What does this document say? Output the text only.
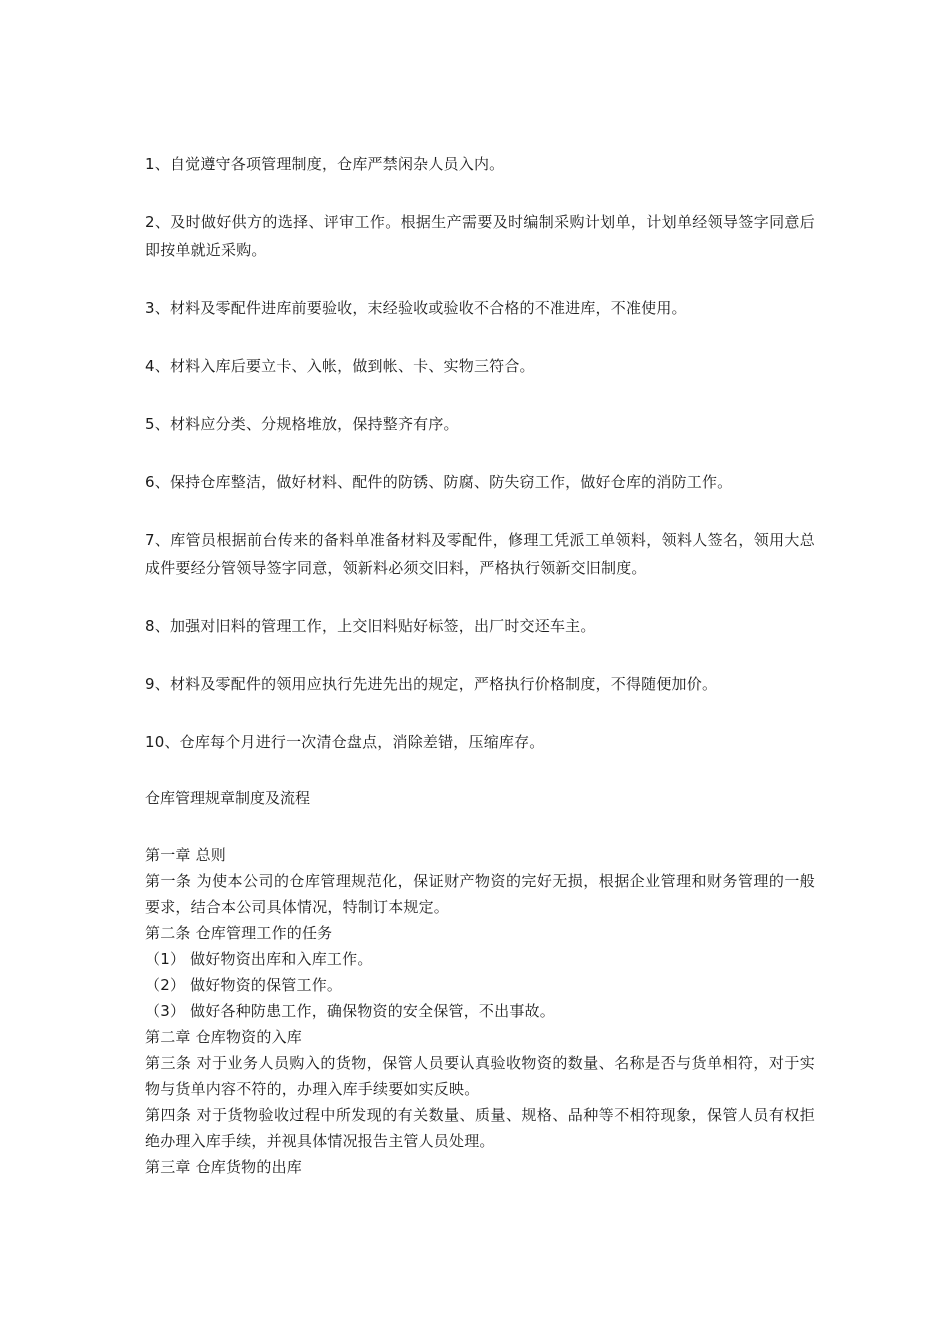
1、自觉遵守各项管理制度，仓库严禁闲杂人员入内。

2、及时做好供方的选择、评审工作。根据生产需要及时编制采购计划单，计划单经领导签字同意后即按单就近采购。

3、材料及零配件进库前要验收，末经验收或验收不合格的不准进库，不准使用。

4、材料入库后要立卡、入帐，做到帐、卡、实物三符合。

5、材料应分类、分规格堆放，保持整齐有序。

6、保持仓库整洁，做好材料、配件的防锈、防腐、防失窃工作，做好仓库的消防工作。

7、库管员根据前台传来的备料单准备材料及零配件，修理工凭派工单领料，领料人签名，领用大总成件要经分管领导签字同意，领新料必须交旧料，严格执行领新交旧制度。

8、加强对旧料的管理工作，上交旧料贴好标签，出厂时交还车主。

9、材料及零配件的领用应执行先进先出的规定，严格执行价格制度，不得随便加价。

10、仓库每个月进行一次清仓盘点，消除差错，压缩库存。

仓库管理规章制度及流程

第一章 总则

第一条 为使本公司的仓库管理规范化，保证财产物资的完好无损，根据企业管理和财务管理的一般要求，结合本公司具体情况，特制订本规定。

第二条 仓库管理工作的任务

（1） 做好物资出库和入库工作。

（2） 做好物资的保管工作。

（3） 做好各种防患工作，确保物资的安全保管，不出事故。

第二章 仓库物资的入库

第三条 对于业务人员购入的货物，保管人员要认真验收物资的数量、名称是否与货单相符，对于实物与货单内容不符的，办理入库手续要如实反映。

第四条 对于货物验收过程中所发现的有关数量、质量、规格、品种等不相符现象，保管人员有权拒绝办理入库手续，并视具体情况报告主管人员处理。

第三章 仓库货物的出库
